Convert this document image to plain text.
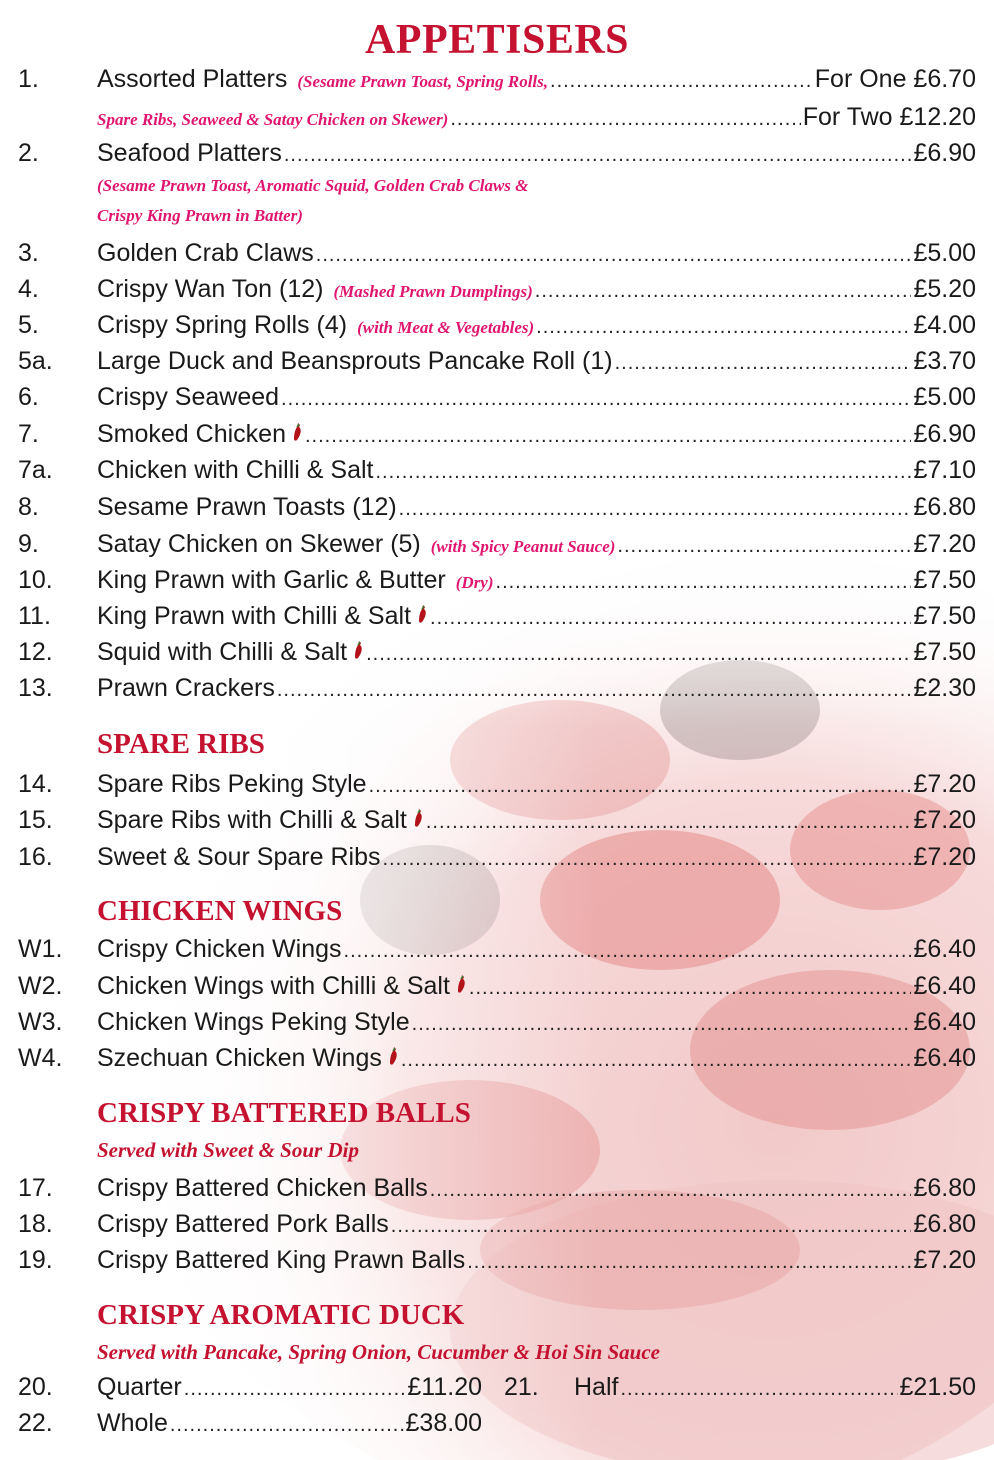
APPETISERS
1.	Assorted Platters (Sesame Prawn Toast, Spring Rolls, .....	For One £6.70
Spare Ribs, Seaweed & Satay Chicken on Skewer) .....	For Two £12.20
2.	Seafood Platters .....	£6.90
3.	Golden Crab Claws .....	£5.00
4.	Crispy Wan Ton (12) (Mashed Prawn Dumplings) .....	£5.20
5.	Crispy Spring Rolls (4) (with Meat & Vegetables) .....	£4.00
5a.	Large Duck and Beansprouts Pancake Roll (1) .....	£3.70
6.	Crispy Seaweed .....	£5.00
7.	Smoked Chicken .....	£6.90
7a.	Chicken with Chilli & Salt .....	£7.10
8.	Sesame Prawn Toasts (12) .....	£6.80
9.	Satay Chicken on Skewer (5) (with Spicy Peanut Sauce) .....	£7.20
10.	King Prawn with Garlic & Butter (Dry) .....	£7.50
11.	King Prawn with Chilli & Salt .....	£7.50
12.	Squid with Chilli & Salt .....	£7.50
13.	Prawn Crackers .....	£2.30
(Sesame Prawn Toast, Aromatic Squid, Golden Crab Claws &
Crispy King Prawn in Batter)
SPARE RIBS
14.	Spare Ribs Peking Style .....	£7.20
15.	Spare Ribs with Chilli & Salt .....	£7.20
16.	Sweet & Sour Spare Ribs .....	£7.20
CHICKEN WINGS
W1.	Crispy Chicken Wings .....	£6.40
W2.	Chicken Wings with Chilli & Salt .....	£6.40
W3.	Chicken Wings Peking Style .....	£6.40
W4.	Szechuan Chicken Wings .....	£6.40
CRISPY BATTERED BALLS
Served with Sweet & Sour Dip
17.	Crispy Battered Chicken Balls .....	£6.80
18.	Crispy Battered Pork Balls .....	£6.80
19.	Crispy Battered King Prawn Balls .....	£7.20
CRISPY AROMATIC DUCK
Served with Pancake, Spring Onion, Cucumber & Hoi Sin Sauce
20.	Quarter .....	£11.20 21.	Half .....	£21.50
22.	Whole .....	£38.00
